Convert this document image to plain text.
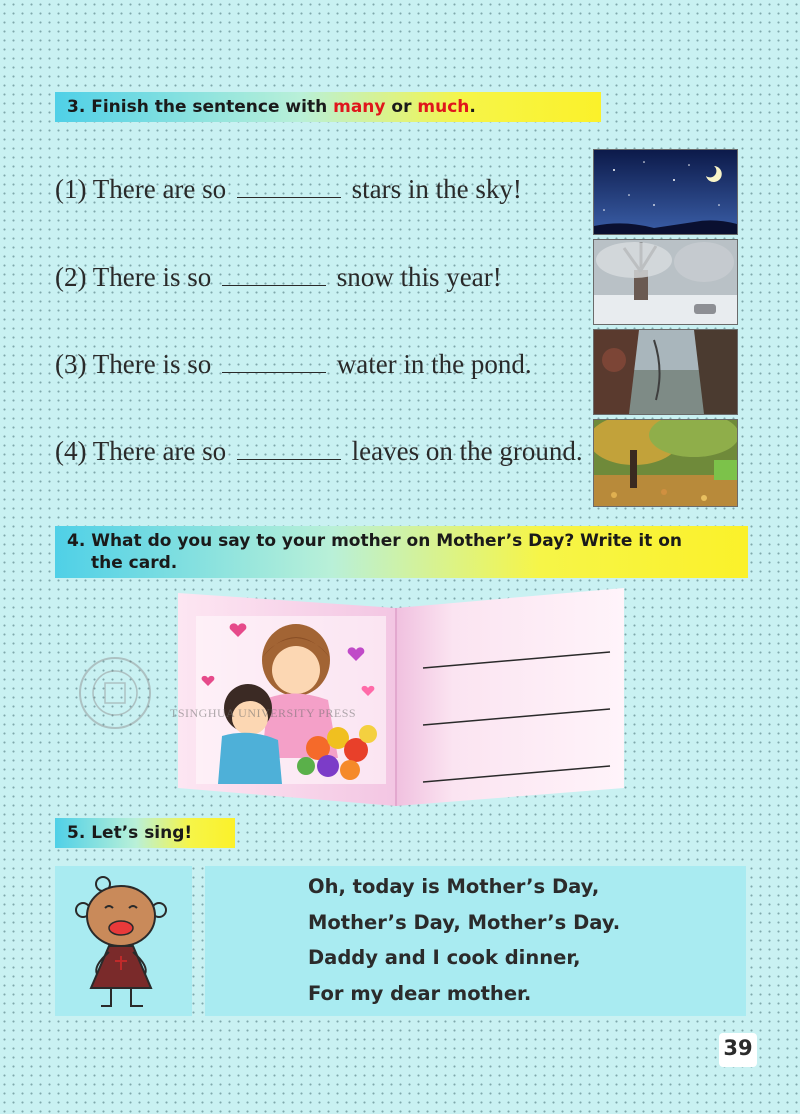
3. Finish the sentence with many or much.
(1) There are so	stars in the sky!
(2) There is so	snow this year!
(3) There is so	water in the pond.
(4) There are so	leaves on the ground.
4. What do you say to your mother on Mother’s Day? Write it on
the card.
TSINGHUA UNIVERSITY PRESS
5. Let’s sing!
Oh, today is Mother’s Day,
Mother’s Day, Mother’s Day.
Daddy and I cook dinner,
For my dear mother.
39
